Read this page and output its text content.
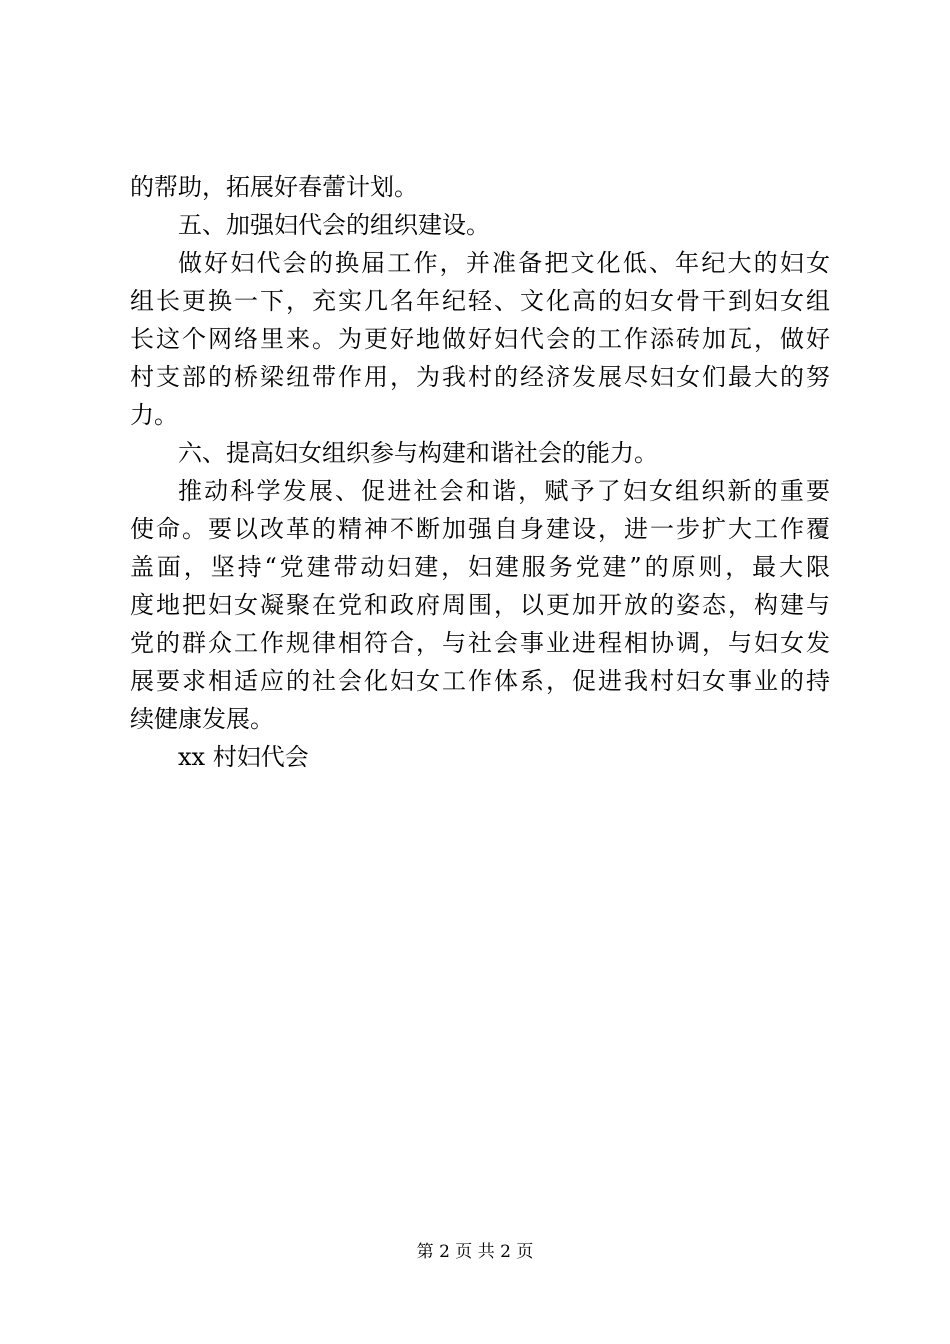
的帮助，拓展好春蕾计划。
五、加强妇代会的组织建设。
做好妇代会的换届工作，并准备把文化低、年纪大的妇女
组长更换一下，充实几名年纪轻、文化高的妇女骨干到妇女组
长这个网络里来。为更好地做好妇代会的工作添砖加瓦，做好
村支部的桥梁纽带作用，为我村的经济发展尽妇女们最大的努
力。
六、提高妇女组织参与构建和谐社会的能力。
推动科学发展、促进社会和谐，赋予了妇女组织新的重要
使命。要以改革的精神不断加强自身建设，进一步扩大工作覆
盖面，坚持“党建带动妇建，妇建服务党建”的原则，最大限
度地把妇女凝聚在党和政府周围，以更加开放的姿态，构建与
党的群众工作规律相符合，与社会事业进程相协调，与妇女发
展要求相适应的社会化妇女工作体系，促进我村妇女事业的持
续健康发展。
xx 村妇代会
第 2 页 共 2 页
